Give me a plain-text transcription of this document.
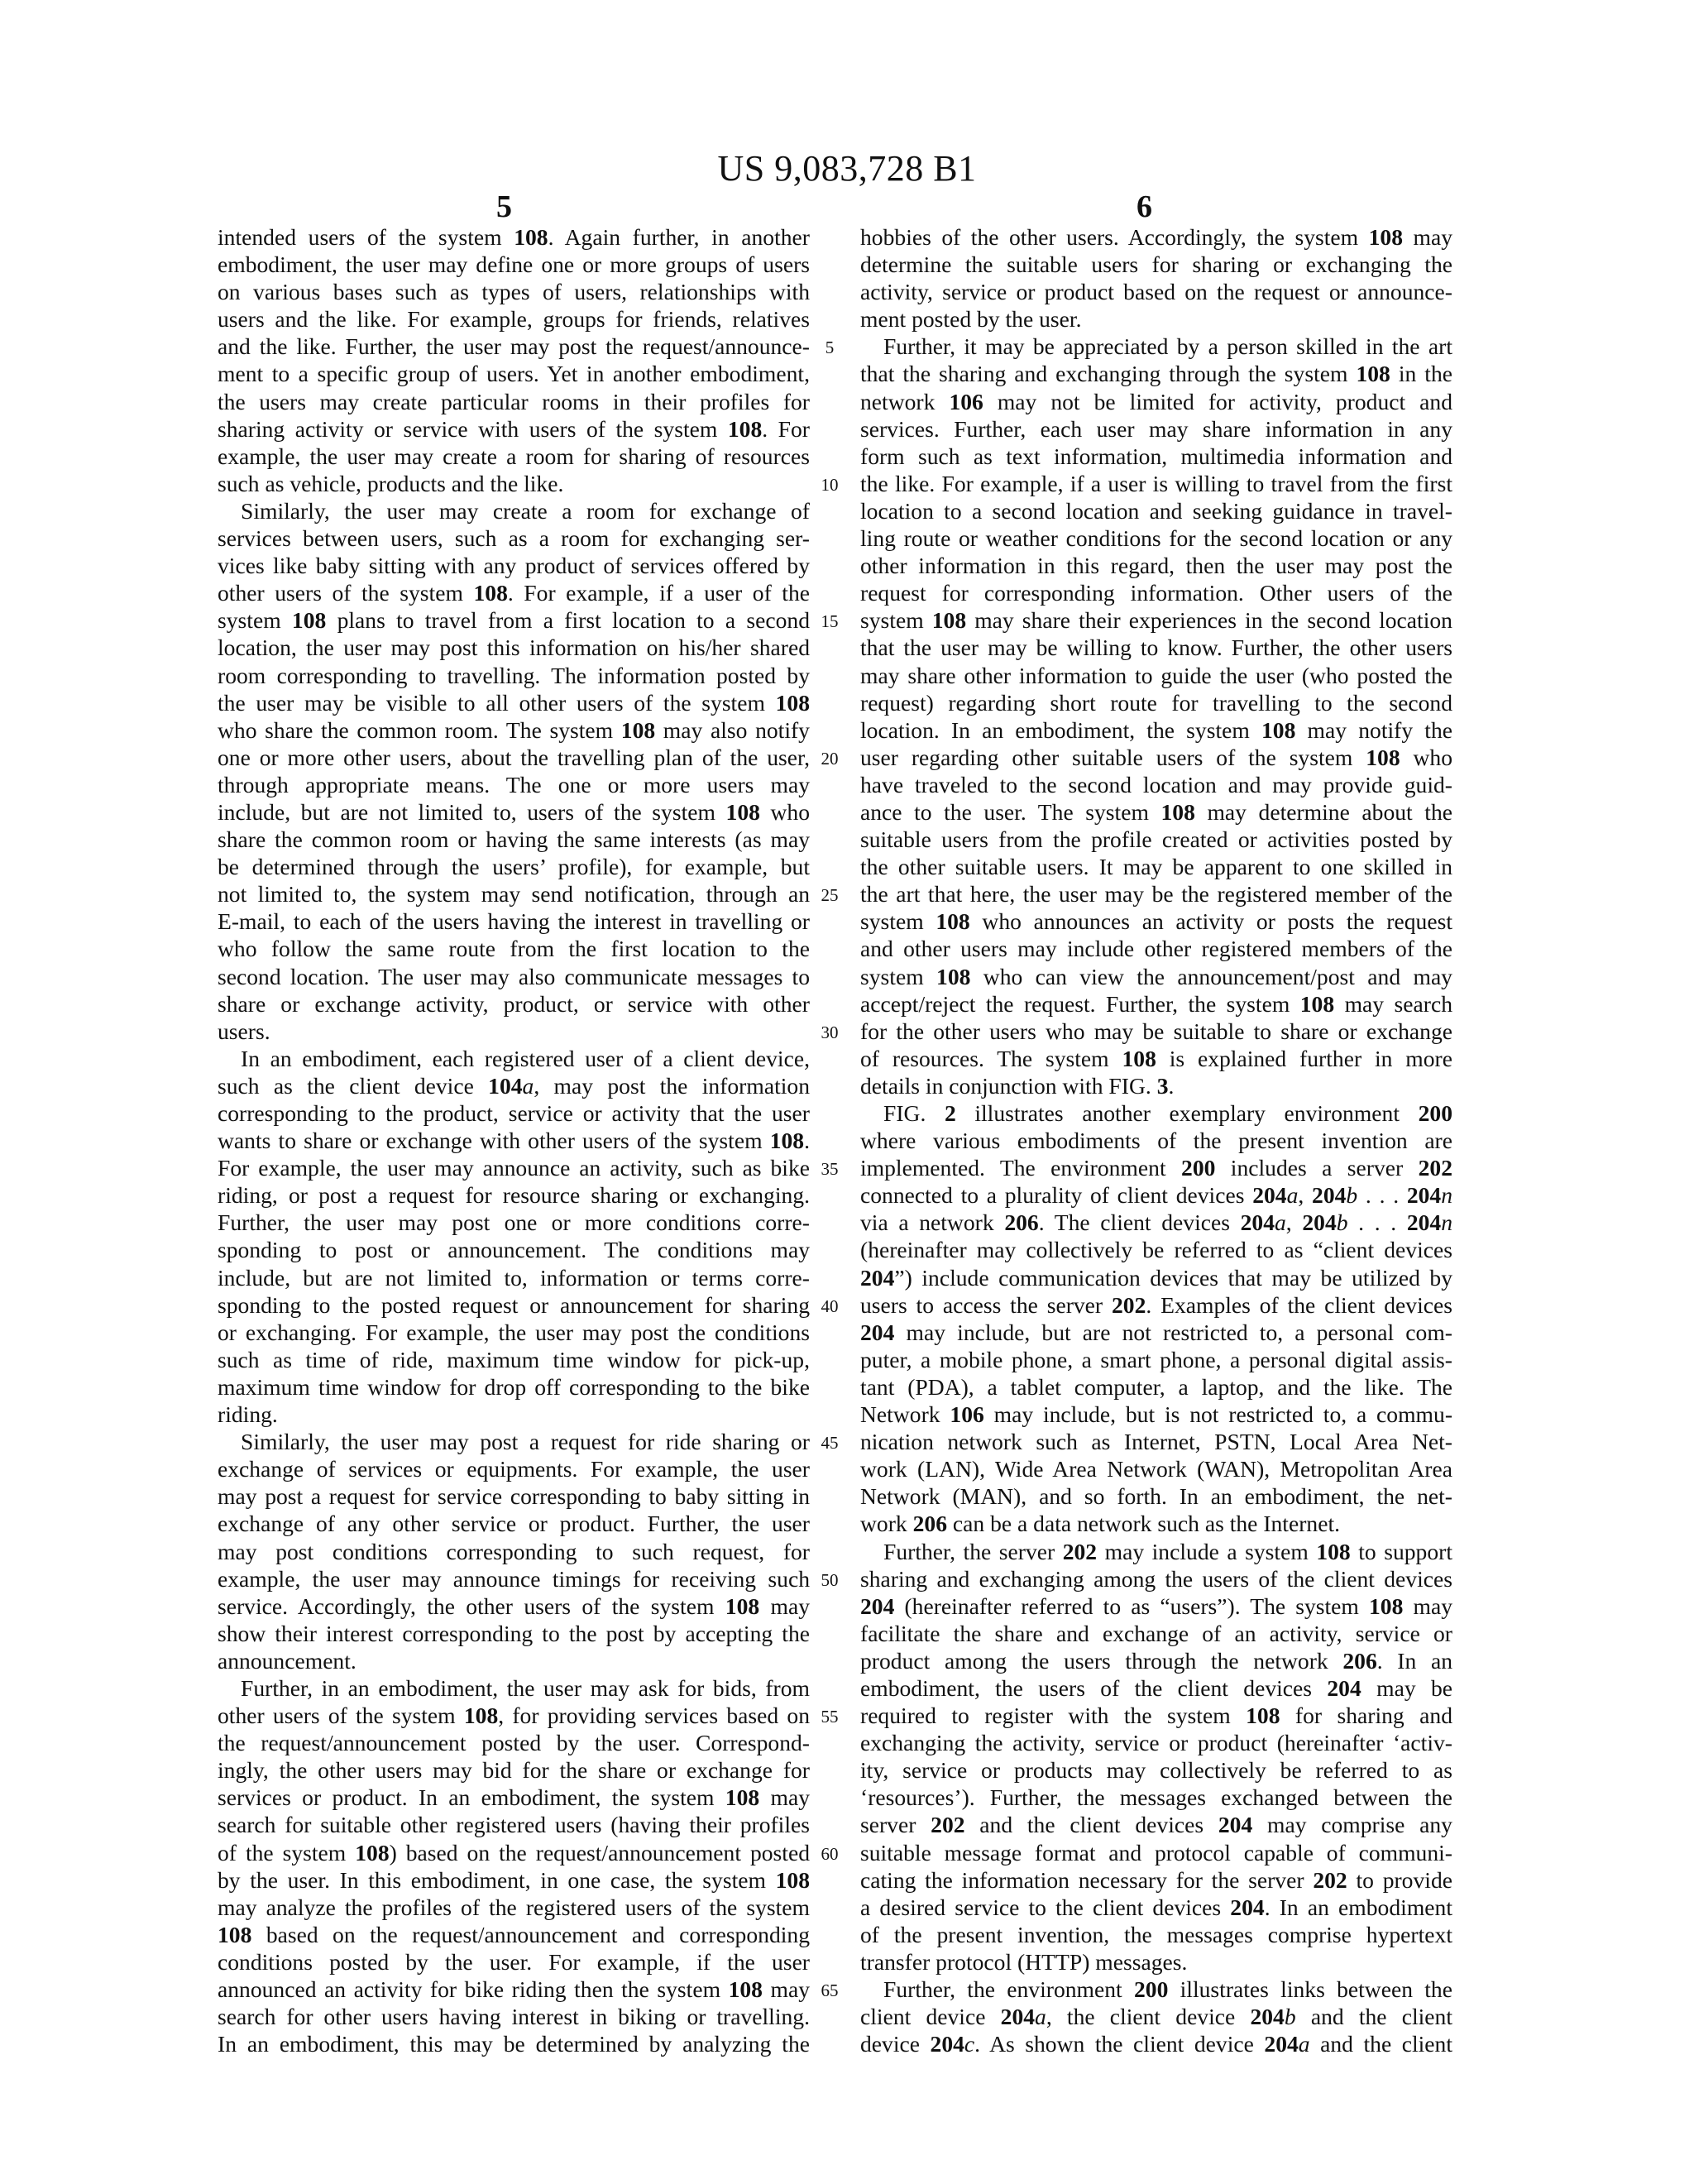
US 9,083,728 B1
5	6

intended users of the system 108. Again further, in another

embodiment, the user may define one or more groups of users

on various bases such as types of users, relationships with

users and the like. For example, groups for friends, relatives

and the like. Further, the user may post the request/announce-

ment to a specific group of users. Yet in another embodiment,

the users may create particular rooms in their profiles for

sharing activity or service with users of the system 108. For

example, the user may create a room for sharing of resources

such as vehicle, products and the like.

Similarly, the user may create a room for exchange of

services between users, such as a room for exchanging ser-

vices like baby sitting with any product of services offered by

other users of the system 108. For example, if a user of the

system 108 plans to travel from a first location to a second

location, the user may post this information on his/her shared

room corresponding to travelling. The information posted by

the user may be visible to all other users of the system 108

who share the common room. The system 108 may also notify

one or more other users, about the travelling plan of the user,

through appropriate means. The one or more users may

include, but are not limited to, users of the system 108 who

share the common room or having the same interests (as may

be determined through the users’ profile), for example, but

not limited to, the system may send notification, through an

E-mail, to each of the users having the interest in travelling or

who follow the same route from the first location to the

second location. The user may also communicate messages to

share or exchange activity, product, or service with other

users.

In an embodiment, each registered user of a client device,

such as the client device 104a, may post the information

corresponding to the product, service or activity that the user

wants to share or exchange with other users of the system 108.

For example, the user may announce an activity, such as bike

riding, or post a request for resource sharing or exchanging.

Further, the user may post one or more conditions corre-

sponding to post or announcement. The conditions may

include, but are not limited to, information or terms corre-

sponding to the posted request or announcement for sharing

or exchanging. For example, the user may post the conditions

such as time of ride, maximum time window for pick-up,

maximum time window for drop off corresponding to the bike

riding.

Similarly, the user may post a request for ride sharing or

exchange of services or equipments. For example, the user

may post a request for service corresponding to baby sitting in

exchange of any other service or product. Further, the user

may post conditions corresponding to such request, for

example, the user may announce timings for receiving such

service. Accordingly, the other users of the system 108 may

show their interest corresponding to the post by accepting the

announcement.

Further, in an embodiment, the user may ask for bids, from

other users of the system 108, for providing services based on

the request/announcement posted by the user. Correspond-

ingly, the other users may bid for the share or exchange for

services or product. In an embodiment, the system 108 may

search for suitable other registered users (having their profiles

of the system 108) based on the request/announcement posted

by the user. In this embodiment, in one case, the system 108

may analyze the profiles of the registered users of the system

108 based on the request/announcement and corresponding

conditions posted by the user. For example, if the user

announced an activity for bike riding then the system 108 may

search for other users having interest in biking or travelling.

In an embodiment, this may be determined by analyzing the

5
10
15
20
25
30
35
40
45
50
55
60
65

hobbies of the other users. Accordingly, the system 108 may

determine the suitable users for sharing or exchanging the

activity, service or product based on the request or announce-

ment posted by the user.

Further, it may be appreciated by a person skilled in the art

that the sharing and exchanging through the system 108 in the

network 106 may not be limited for activity, product and

services. Further, each user may share information in any

form such as text information, multimedia information and

the like. For example, if a user is willing to travel from the first

location to a second location and seeking guidance in travel-

ling route or weather conditions for the second location or any

other information in this regard, then the user may post the

request for corresponding information. Other users of the

system 108 may share their experiences in the second location

that the user may be willing to know. Further, the other users

may share other information to guide the user (who posted the

request) regarding short route for travelling to the second

location. In an embodiment, the system 108 may notify the

user regarding other suitable users of the system 108 who

have traveled to the second location and may provide guid-

ance to the user. The system 108 may determine about the

suitable users from the profile created or activities posted by

the other suitable users. It may be apparent to one skilled in

the art that here, the user may be the registered member of the

system 108 who announces an activity or posts the request

and other users may include other registered members of the

system 108 who can view the announcement/post and may

accept/reject the request. Further, the system 108 may search

for the other users who may be suitable to share or exchange

of resources. The system 108 is explained further in more

details in conjunction with FIG. 3.

FIG. 2 illustrates another exemplary environment 200

where various embodiments of the present invention are

implemented. The environment 200 includes a server 202

connected to a plurality of client devices 204a, 204b . . . 204n

via a network 206. The client devices 204a, 204b . . . 204n

(hereinafter may collectively be referred to as “client devices

204”) include communication devices that may be utilized by

users to access the server 202. Examples of the client devices

204 may include, but are not restricted to, a personal com-

puter, a mobile phone, a smart phone, a personal digital assis-

tant (PDA), a tablet computer, a laptop, and the like. The

Network 106 may include, but is not restricted to, a commu-

nication network such as Internet, PSTN, Local Area Net-

work (LAN), Wide Area Network (WAN), Metropolitan Area

Network (MAN), and so forth. In an embodiment, the net-

work 206 can be a data network such as the Internet.

Further, the server 202 may include a system 108 to support

sharing and exchanging among the users of the client devices

204 (hereinafter referred to as “users”). The system 108 may

facilitate the share and exchange of an activity, service or

product among the users through the network 206. In an

embodiment, the users of the client devices 204 may be

required to register with the system 108 for sharing and

exchanging the activity, service or product (hereinafter ‘activ-

ity, service or products may collectively be referred to as

‘resources’). Further, the messages exchanged between the

server 202 and the client devices 204 may comprise any

suitable message format and protocol capable of communi-

cating the information necessary for the server 202 to provide

a desired service to the client devices 204. In an embodiment

of the present invention, the messages comprise hypertext

transfer protocol (HTTP) messages.

Further, the environment 200 illustrates links between the

client device 204a, the client device 204b and the client

device 204c. As shown the client device 204a and the client
